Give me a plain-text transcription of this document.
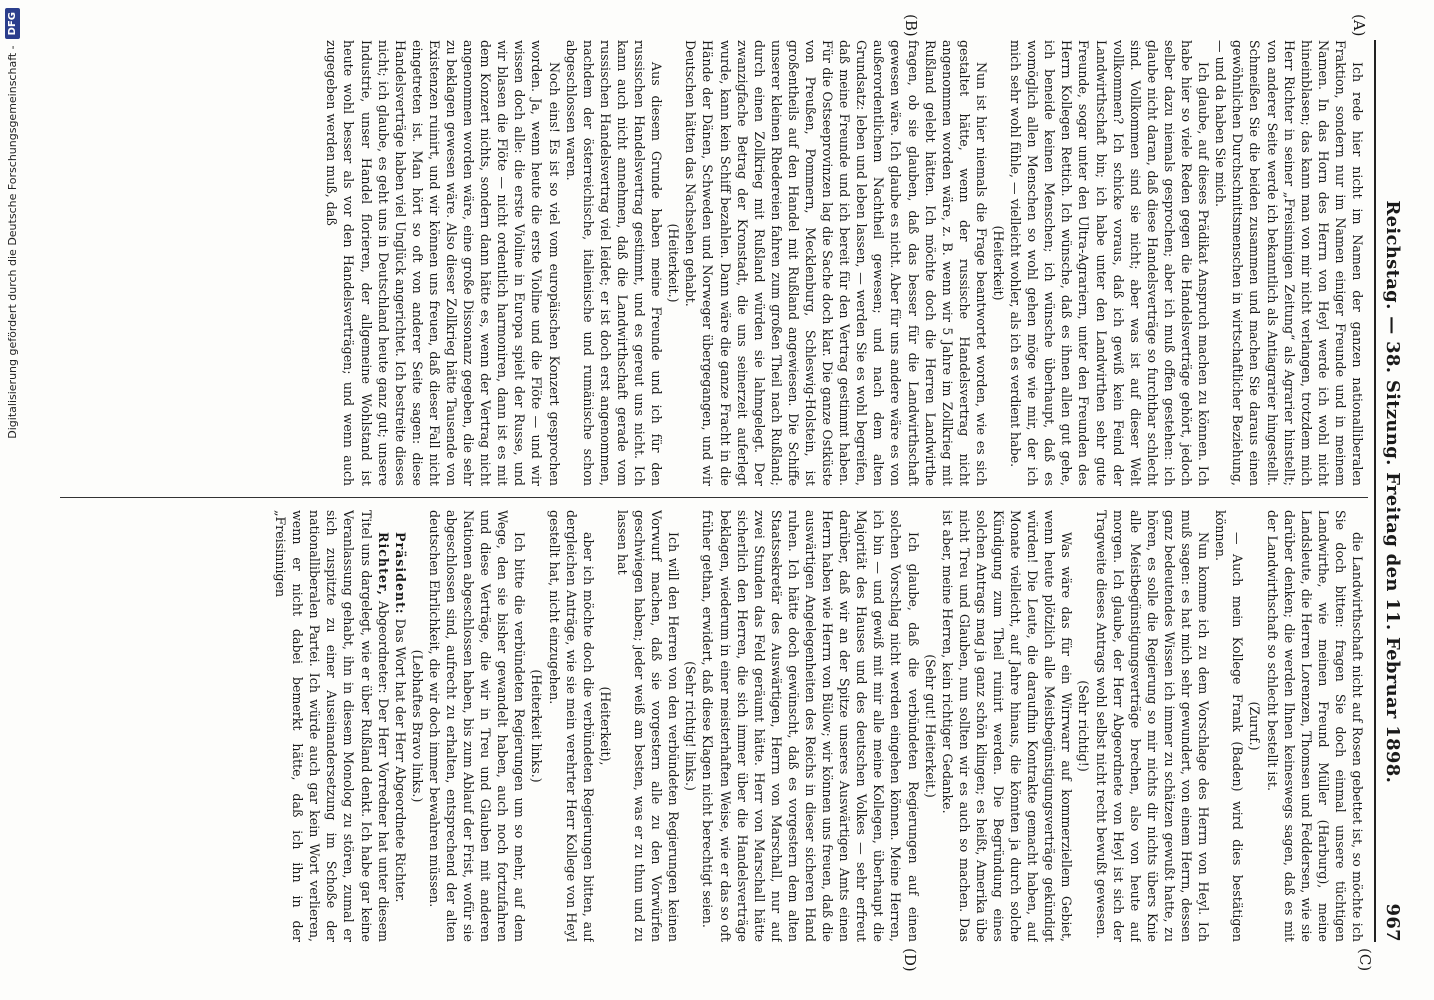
Reichstag. — 38. Sitzung. Freitag den 11. Februar 1898.
967
(A)
(B)
(C)
(D)

Ich rede hier nicht im Namen der ganzen nationalliberalen Fraktion, sondern nur im Namen einiger Freunde und in meinem Namen. In das Horn des Herrn von Heyl werde ich wohl nicht hineinblasen; das kann man von mir nicht verlangen, trotzdem mich Herr Richter in seiner „Freisinnigen Zeitung“ als Agrarier hinstellt; von anderer Seite werde ich bekanntlich als Antiagrarier hingestellt. Schmeißen Sie die beiden zusammen und machen Sie daraus einen gewöhnlichen Durchschnittsmenschen in wirtschaftlicher Beziehung, — und da haben Sie mich.

Ich glaube, auf dieses Prädikat Anspruch machen zu können. Ich habe hier so viele Reden gegen die Handelsverträge gehört, jedoch selber dazu niemals gesprochen; aber ich muß offen gestehen: ich glaube nicht daran, daß diese Handelsverträge so furchtbar schlecht sind. Vollkommen sind sie nicht; aber was ist auf dieser Welt vollkommen? Ich schicke voraus, daß ich gewiß kein Feind der Landwirthschaft bin; ich habe unter den Landwirthen sehr gute Freunde, sogar unter den Ultra-Agrariern, unter den Freunden des Herrn Kollegen Rettich. Ich wünsche, daß es ihnen allen gut gehe, ich beneide keinen Menschen; ich wünsche überhaupt, daß es womöglich allen Menschen so wohl gehen möge wie mir, der ich mich sehr wohl fühle, — vielleicht wohler, als ich es verdient habe.

(Heiterkeit)

Nun ist hier niemals die Frage beantwortet worden, wie es sich gestaltet hätte, wenn der russische Handelsvertrag nicht angenommen worden wäre, z. B. wenn wir 5 Jahre im Zollkrieg mit Rußland gelebt hätten. Ich möchte doch die Herren Landwirthe fragen, ob sie glauben, daß das besser für die Landwirthschaft gewesen wäre. Ich glaube es nicht. Aber für uns andere wäre es von außerordentlichem Nachtheil gewesen; und nach dem alten Grundsatz: leben und leben lassen, — werden Sie es wohl begreifen, daß meine Freunde und ich bereit für den Vertrag gestimmt haben. Für die Ostseeprovinzen lag die Sache doch klar. Die ganze Ostküste von Preußen, Pommern, Mecklenburg, Schleswig-Holstein, ist großentheils auf den Handel mit Rußland angewiesen. Die Schiffe unserer kleinen Rhedereien fahren zum großen Theil nach Rußland; durch einen Zollkrieg mit Rußland würden sie lahmgelegt. Der zwanzigfache Betrag der Kronstadt, die uns seinerzeit auferlegt wurde, kann kein Schiff bezahlen. Dann wäre die ganze Fracht in die Hände der Dänen, Schweden und Norweger übergegangen, und wir Deutschen hätten das Nachsehen gehabt.

(Heiterkeit.)

Aus diesem Grunde haben meine Freunde und ich für den russischen Handelsvertrag gestimmt, und es gereut uns nicht. Ich kann auch nicht annehmen, daß die Landwirthschaft gerade vom russischen Handelsvertrag viel leidet; er ist doch erst angenommen, nachdem der österreichische, italienische und rumänische schon abgeschlossen waren.

Noch eins! Es ist so viel vom europäischen Konzert gesprochen worden. Ja, wenn heute die erste Violine und die Flöte — und wir wissen doch alle: die erste Violine in Europa spielt der Russe, und wir blasen die Flöte — nicht ordentlich harmoniren, dann ist es mit dem Konzert nichts, sondern dann hätte es, wenn der Vertrag nicht angenommen worden wäre, eine große Dissonanz gegeben, die sehr zu beklagen gewesen wäre. Also dieser Zollkrieg hätte Tausende von Existenzen ruinirt, und wir können uns freuen, daß dieser Fall nicht eingetreten ist. Man hört so oft von anderer Seite sagen: diese Handelsverträge haben viel Unglück angerichtet. Ich bestreite dieses nicht; ich glaube, es geht uns in Deutschland heute ganz gut; unsere Industrie, unser Handel florieren, der allgemeine Wohlstand ist heute wohl besser als vor den Handelsverträgen; und wenn auch zugegeben werden muß, daß

die Landwirthschaft nicht auf Rosen gebettet ist, so möchte ich Sie doch bitten: fragen Sie doch einmal unsere tüchtigen Landwirthe, wie meinen Freund Müller (Harburg), meine Landsleute, die Herren Lorenzen, Thomsen und Feddersen, wie sie darüber denken; die werden Ihnen keineswegs sagen, daß es mit der Landwirthschaft so schlecht bestellt ist.

(Zuruf.)

— Auch mein Kollege Frank (Baden) wird dies bestätigen können.

Nun komme ich zu dem Vorschlage des Herrn von Heyl. Ich muß sagen: es hat mich sehr gewundert, von einem Herrn, dessen ganz bedeutendes Wissen ich immer zu schätzen gewußt hatte, zu hören, es solle die Regierung so mir nichts dir nichts übers Knie alle Meistbegünstigungsverträge brechen, also von heute auf morgen. Ich glaube, der Herr Abgeordnete von Heyl ist sich der Tragweite dieses Antrags wohl selbst nicht recht bewußt gewesen.

(Sehr richtig!)

Was wäre das für ein Wirrwarr auf kommerziellem Gebiet, wenn heute plötzlich alle Meistbegünstigungsverträge gekündigt würden! Die Leute, die daraufhin Kontrakte gemacht haben, auf Monate vielleicht, auf Jahre hinaus, die könnten ja durch solche Kündigung zum Theil ruinirt werden. Die Begründung eines solchen Antrags mag ja ganz schön klingen; es heißt, Amerika übe nicht Treu und Glauben, nun sollten wir es auch so machen. Das ist aber, meine Herren, kein richtiger Gedanke.

(Sehr gut! Heiterkeit.)

Ich glaube, daß die verbündeten Regierungen auf einen solchen Vorschlag nicht werden eingehen können. Meine Herren, ich bin — und gewiß mit mir alle meine Kollegen, überhaupt die Majorität des Hauses und des deutschen Volkes — sehr erfreut darüber, daß wir an der Spitze unseres Auswärtigen Amts einen Herrn haben wie Herrn von Bülow; wir können uns freuen, daß die auswärtigen Angelegenheiten des Reichs in dieser sicheren Hand ruhen. Ich hätte doch gewünscht, daß es vorgestern dem alten Staatssekretär des Auswärtigen, Herrn von Marschall, nur auf zwei Stunden das Feld geräumt hätte. Herr von Marschall hätte sicherlich den Herren, die sich immer über die Handelsverträge beklagen, wiederum in einer meisterhaften Weise, wie er das so oft früher gethan, erwidert, daß diese Klagen nicht berechtigt seien.

(Sehr richtig! links.)

Ich will den Herren von den verbündeten Regierungen keinen Vorwurf machen, daß sie vorgestern alle zu den Vorwürfen geschwiegen haben; jeder weiß am besten, was er zu thun und zu lassen hat

(Heiterkeit),

aber ich möchte doch die verbündeten Regierungen bitten, auf dergleichen Anträge, wie sie mein verehrter Herr Kollege von Heyl gestellt hat, nicht einzugehen.

(Heiterkeit links.)

Ich bitte die verbündeten Regierungen um so mehr, auf dem Wege, den sie bisher gewandelt haben, auch noch fortzufahren und diese Verträge, die wir in Treu und Glauben mit anderen Nationen abgeschlossen haben, bis zum Ablauf der Frist, wofür sie abgeschlossen sind, aufrecht zu erhalten, entsprechend der alten deutschen Ehrlichkeit, die wir doch immer bewahren müssen.

(Lebhaftes Bravo links.)

Präsident: Das Wort hat der Herr Abgeordnete Richter.

Richter, Abgeordneter: Der Herr Vorredner hat unter diesem Titel uns dargelegt, wie er über Rußland denkt. Ich habe gar keine Veranlassung gehabt, ihn in diesem Monolog zu stören, zumal er sich zuspitzte zu einer Auseinandersetzung im Schoße der nationalliberalen Partei. Ich würde auch gar kein Wort verlieren, wenn er nicht dabei bemerkt hätte, daß ich ihn in der „Freisinnigen

Digitalisierung gefördert durch die Deutsche Forschungsgemeinschaft -
DFG
